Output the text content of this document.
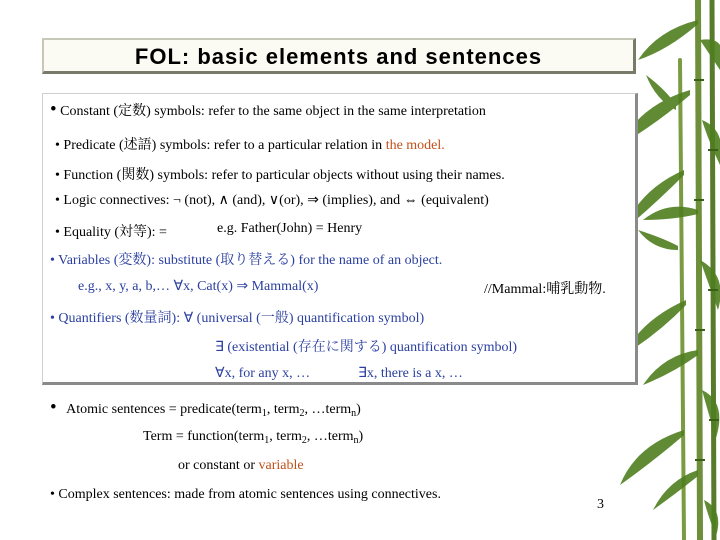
FOL: basic elements and sentences
• Constant (定数) symbols: refer to the same object in the same interpretation
• Predicate (述語) symbols: refer to a particular relation in the model.
• Function (関数) symbols: refer to particular objects without using their names.
• Logic connectives: ¬ (not), ∧ (and), ∨(or), ⇒ (implies), and ⇔ (equivalent)
• Equality (対等): =	e.g. Father(John) = Henry
• Variables (変数): substitute (取り替える) for the name of an object.
e.g., x, y, a, b,… ∀x, Cat(x) ⇒ Mammal(x)	//Mammal:哺乳動物.
• Quantifiers (数量詞): ∀ (universal (一般) quantification symbol)
∃ (existential (存在に関する) quantification symbol)
∀x, for any x, …	∃x, there is a x, …
• Atomic sentences = predicate(term$_1$, term$_2$, …term$_n$)
Term = function(term$_1$, term$_2$, …term$_n$)
or constant or variable
• Complex sentences: made from atomic sentences using connectives.
3
